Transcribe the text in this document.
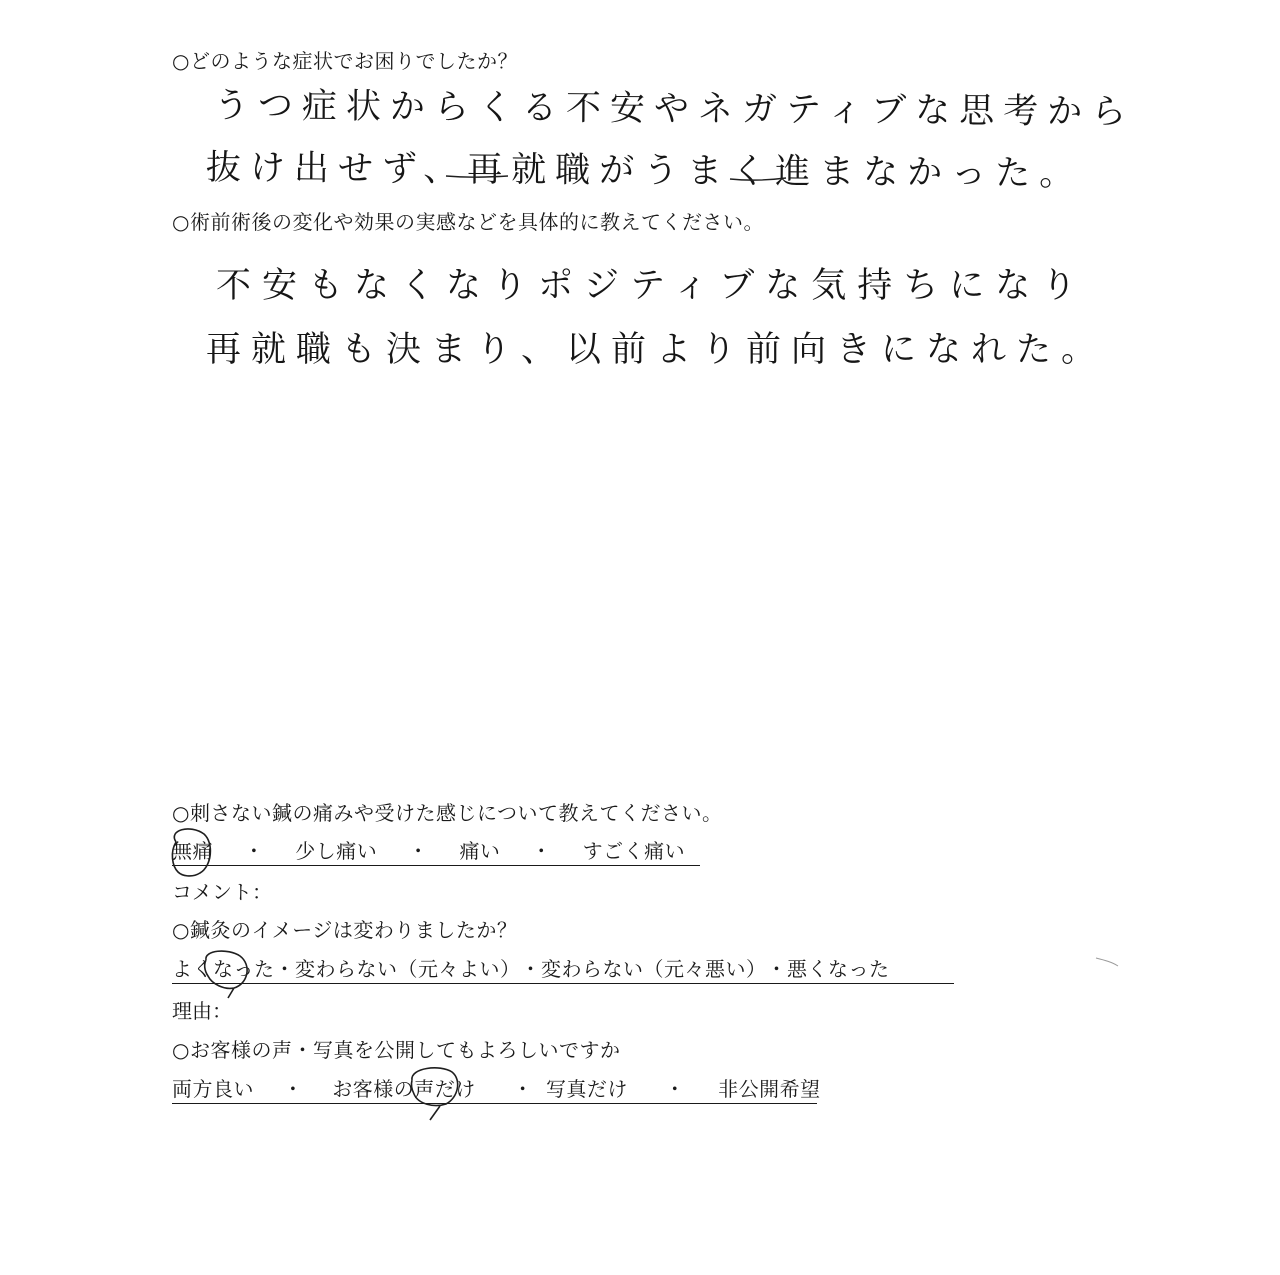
○どのような症状でお困りでしたか？
うつ症状からくる不安やネガティブな思考から
抜け出せず、再就職がうまく進まなかった。
○術前術後の変化や効果の実感などを具体的に教えてください。
不安もなくなりポジティブな気持ちになり
再就職も決まり、以前より前向きになれた。
○刺さない鍼の痛みや受けた感じについて教えてください。
無痛 ・ 少し痛い ・ 痛い ・ すごく痛い
コメント：
○鍼灸のイメージは変わりましたか？
よくなった・変わらない（元々よい）・変わらない（元々悪い）・悪くなった
理由：
○お客様の声・写真を公開してもよろしいですか
両方良い ・ お客様の声だけ ・ 写真だけ ・ 非公開希望
